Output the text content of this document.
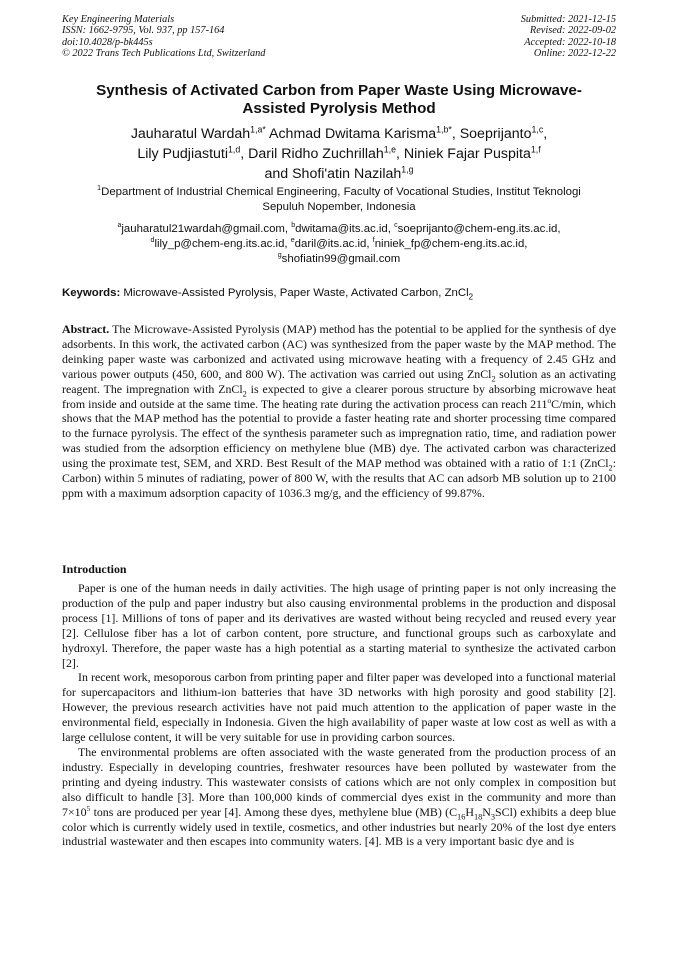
Key Engineering Materials
ISSN: 1662-9795, Vol. 937, pp 157-164
doi:10.4028/p-bk445s
© 2022 Trans Tech Publications Ltd, Switzerland
Submitted: 2021-12-15
Revised: 2022-09-02
Accepted: 2022-10-18
Online: 2022-12-22
Synthesis of Activated Carbon from Paper Waste Using Microwave-
Assisted Pyrolysis Method
Jauharatul Wardah$^{1,a*}$ Achmad Dwitama Karisma$^{1,b*}$, Soeprijanto$^{1,c}$,
Lily Pudjiastuti$^{1,d}$, Daril Ridho Zuchrillah$^{1,e}$, Niniek Fajar Puspita$^{1,f}$
and Shofi'atin Nazilah$^{1,g}$
$^1$Department of Industrial Chemical Engineering, Faculty of Vocational Studies, Institut Teknologi
Sepuluh Nopember, Indonesia
$^a$jauharatul21wardah@gmail.com, $^b$dwitama@its.ac.id, $^c$soeprijanto@chem-eng.its.ac.id,
$^d$lily_p@chem-eng.its.ac.id, $^e$daril@its.ac.id, $^f$niniek_fp@chem-eng.its.ac.id,
$^g$shofiatin99@gmail.com
Keywords: Microwave-Assisted Pyrolysis, Paper Waste, Activated Carbon, ZnCl$_2$

Abstract. The Microwave-Assisted Pyrolysis (MAP) method has the potential to be applied for the synthesis of dye adsorbents. In this work, the activated carbon (AC) was synthesized from the paper waste by the MAP method. The deinking paper waste was carbonized and activated using microwave heating with a frequency of 2.45 GHz and various power outputs (450, 600, and 800 W). The activation was carried out using ZnCl$_2$ solution as an activating reagent. The impregnation with ZnCl$_2$ is expected to give a clearer porous structure by absorbing microwave heat from inside and outside at the same time. The heating rate during the activation process can reach 211$^o$C/min, which shows that the MAP method has the potential to provide a faster heating rate and shorter processing time compared to the furnace pyrolysis. The effect of the synthesis parameter such as impregnation ratio, time, and radiation power was studied from the adsorption efficiency on methylene blue (MB) dye. The activated carbon was characterized using the proximate test, SEM, and XRD. Best Result of the MAP method was obtained with a ratio of 1:1 (ZnCl$_2$: Carbon) within 5 minutes of radiating, power of 800 W, with the results that AC can adsorb MB solution up to 2100 ppm with a maximum adsorption capacity of 1036.3 mg/g, and the efficiency of 99.87%.

Introduction

Paper is one of the human needs in daily activities. The high usage of printing paper is not only increasing the production of the pulp and paper industry but also causing environmental problems in the production and disposal process [1]. Millions of tons of paper and its derivatives are wasted without being recycled and reused every year [2]. Cellulose fiber has a lot of carbon content, pore structure, and functional groups such as carboxylate and hydroxyl. Therefore, the paper waste has a high potential as a starting material to synthesize the activated carbon [2].

In recent work, mesoporous carbon from printing paper and filter paper was developed into a functional material for supercapacitors and lithium-ion batteries that have 3D networks with high porosity and good stability [2]. However, the previous research activities have not paid much attention to the application of paper waste in the environmental field, especially in Indonesia. Given the high availability of paper waste at low cost as well as with a large cellulose content, it will be very suitable for use in providing carbon sources.

The environmental problems are often associated with the waste generated from the production process of an industry. Especially in developing countries, freshwater resources have been polluted by wastewater from the printing and dyeing industry. This wastewater consists of cations which are not only complex in composition but also difficult to handle [3]. More than 100,000 kinds of commercial dyes exist in the community and more than $7\times 10^5$ tons are produced per year [4]. Among these dyes, methylene blue (MB) $(C_{16}H_{18}N_3SCl)$ exhibits a deep blue color which is currently widely used in textile, cosmetics, and other industries but nearly 20% of the lost dye enters industrial wastewater and then escapes into community waters. [4]. MB is a very important basic dye and is
